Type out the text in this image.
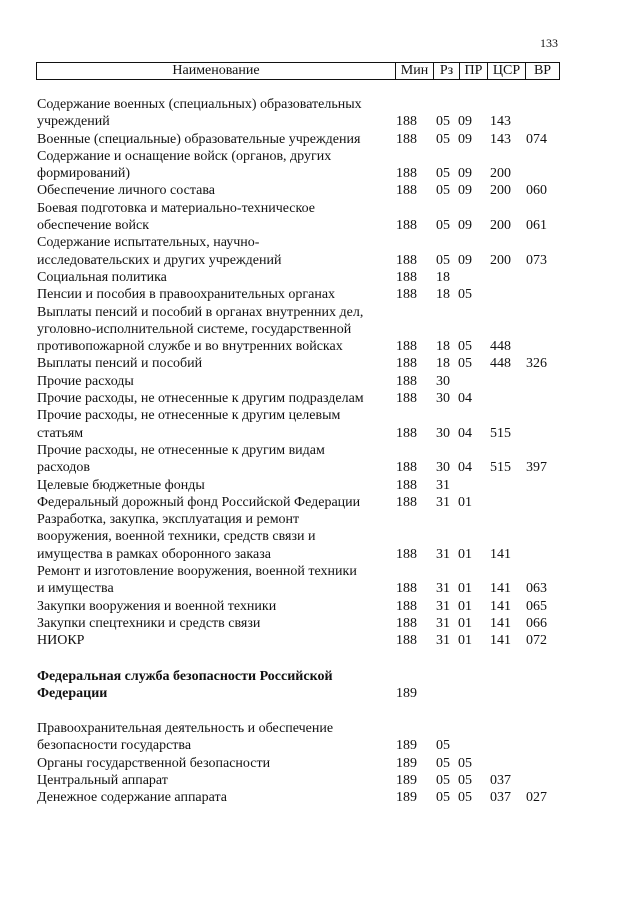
133
Наименование	Мин Рз ПР ЦСР ВР
Содержание военных (специальных) образовательных
учреждений	188	05 09	143
Военные (специальные) образовательные учреждения	188	05 09	143	074
Содержание и оснащение войск (органов, других
формирований)	188	05 09	200
Обеспечение личного состава	188	05 09	200	060
Боевая подготовка и материально-техническое
обеспечение войск	188	05 09	200	061
Содержание испытательных, научно-
исследовательских и других учреждений	188	05 09	200	073
Социальная политика	188	18
Пенсии и пособия в правоохранительных органах	188	18 05
Выплаты пенсий и пособий в органах внутренних дел,
уголовно-исполнительной системе, государственной
противопожарной службе и во внутренних войсках	188	18 05	448
Выплаты пенсий и пособий	188	18 05	448	326
Прочие расходы	188	30
Прочие расходы, не отнесенные к другим подразделам	188	30 04
Прочие расходы, не отнесенные к другим целевым
статьям	188	30 04	515
Прочие расходы, не отнесенные к другим видам
расходов	188	30 04	515	397
Целевые бюджетные фонды	188	31
Федеральный дорожный фонд Российской Федерации	188	31 01
Разработка, закупка, эксплуатация и ремонт
вооружения, военной техники, средств связи и
имущества в рамках оборонного заказа	188	31 01	141
Ремонт и изготовление вооружения, военной техники
и имущества	188	31 01	141	063
Закупки вооружения и военной техники	188	31 01	141	065
Закупки спецтехники и средств связи	188	31 01	141	066
НИОКР	188	31 01	141	072
Федеральная служба безопасности Российской
Федерации	189
Правоохранительная деятельность и обеспечение
безопасности государства	189	05
Органы государственной безопасности	189	05 05
Центральный аппарат	189	05 05	037
Денежное содержание аппарата	189	05 05	037	027
